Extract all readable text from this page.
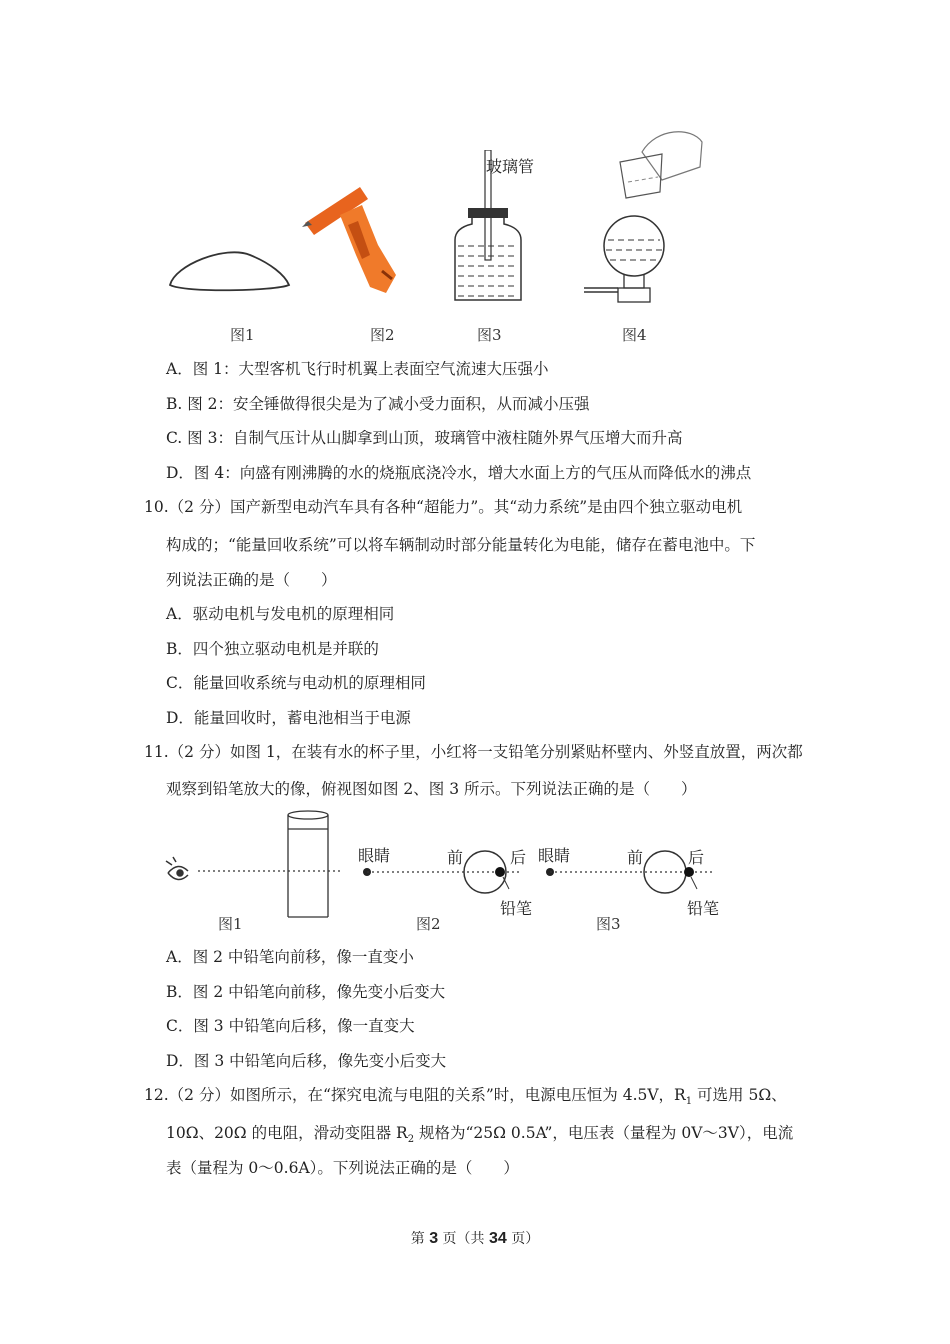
玻璃管
图1	图2	图3	图4
A．图 1：大型客机飞行时机翼上表面空气流速大压强小
B. 图 2：安全锤做得很尖是为了减小受力面积，从而减小压强
C. 图 3：自制气压计从山脚拿到山顶，玻璃管中液柱随外界气压增大而升高
D．图 4：向盛有刚沸腾的水的烧瓶底浇冷水，增大水面上方的气压从而降低水的沸点
10.（2 分）国产新型电动汽车具有各种“超能力”。其“动力系统”是由四个独立驱动电机
构成的；“能量回收系统”可以将车辆制动时部分能量转化为电能，储存在蓄电池中。下
列说法正确的是（　　）
A．驱动电机与发电机的原理相同
B．四个独立驱动电机是并联的
C．能量回收系统与电动机的原理相同
D．能量回收时，蓄电池相当于电源
11.（2 分）如图 1，在装有水的杯子里，小红将一支铅笔分别紧贴杯壁内、外竖直放置，两次都
观察到铅笔放大的像，俯视图如图 2、图 3 所示。下列说法正确的是（　　）
眼睛	前	后
铅笔
眼睛	前	后
铅笔
图1	图2	图3
A．图 2 中铅笔向前移，像一直变小
B．图 2 中铅笔向前移，像先变小后变大
C．图 3 中铅笔向后移，像一直变大
D．图 3 中铅笔向后移，像先变小后变大
12.（2 分）如图所示，在“探究电流与电阻的关系”时，电源电压恒为 4.5V，$R_1$ 可选用 5Ω、
10Ω、20Ω 的电阻，滑动变阻器 $R_2$ 规格为“25Ω 0.5A”，电压表（量程为 0V～3V），电流
表（量程为 0～0.6A）。下列说法正确的是（　　）
第 3 页（共 34 页）
